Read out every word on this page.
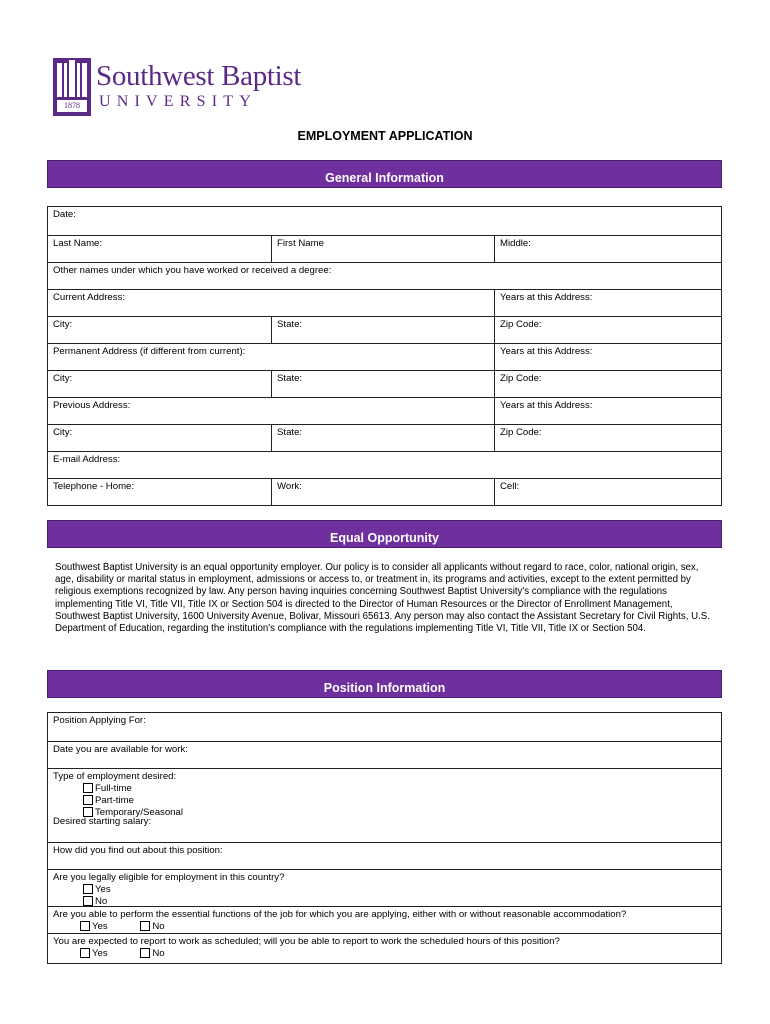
1878
Southwest Baptist
UNIVERSITY
EMPLOYMENT APPLICATION
General Information
Date:
Last Name:	First Name	Middle:
Other names under which you have worked or received a degree:
Current Address:	Years at this Address:
City:	State:	Zip Code:
Permanent Address (if different from current):	Years at this Address:
City:	State:	Zip Code:
Previous Address:	Years at this Address:
City:	State:	Zip Code:
E-mail Address:
Telephone - Home:	Work:	Cell:
Equal Opportunity
Southwest Baptist University is an equal opportunity employer. Our policy is to consider all applicants without regard to race, color, national origin, sex, age, disability or marital status in employment, admissions or access to, or treatment in, its programs and activities, except to the extent permitted by religious exemptions recognized by law. Any person having inquiries concerning Southwest Baptist University's compliance with the regulations implementing Title VI, Title VII, Title IX or Section 504 is directed to the Director of Human Resources or the Director of Enrollment Management, Southwest Baptist University, 1600 University Avenue, Bolivar, Missouri 65613. Any person may also contact the Assistant Secretary for Civil Rights, U.S. Department of Education, regarding the institution's compliance with the regulations implementing Title VI, Title VII, Title IX or Section 504.
Position Information
Position Applying For:
Date you are available for work:
Type of employment desired:
Full-time
Part-time
Temporary/Seasonal
Desired starting salary:
How did you find out about this position:
Are you legally eligible for employment in this country?
Yes
No
Are you able to perform the essential functions of the job for which you are applying, either with or without reasonable accommodation?
Yes	No
You are expected to report to work as scheduled; will you be able to report to work the scheduled hours of this position?
Yes	No
